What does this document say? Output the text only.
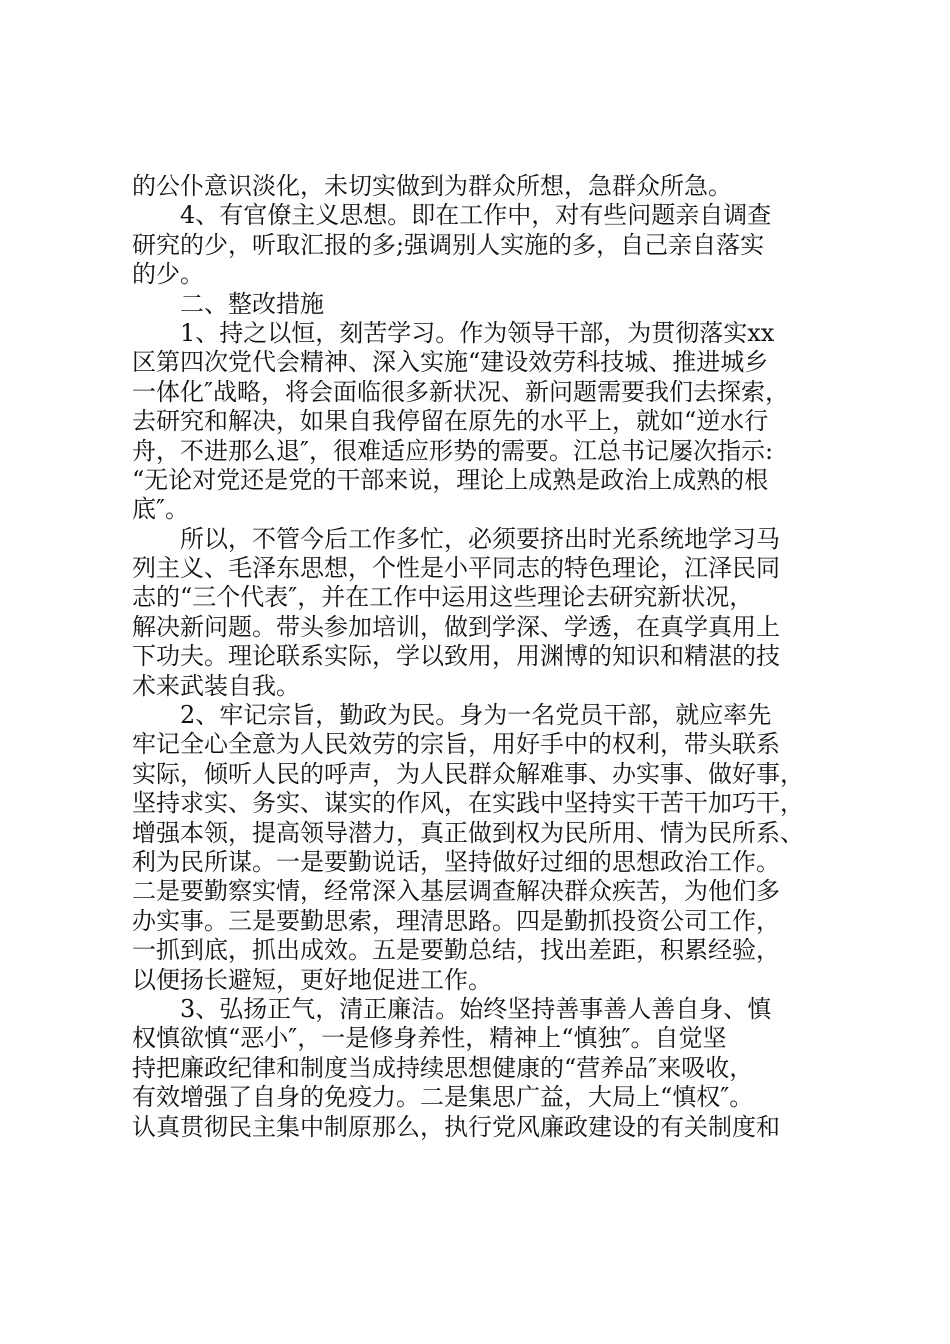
的公仆意识淡化，未切实做到为群众所想，急群众所急。
4、有官僚主义思想。即在工作中，对有些问题亲自调查
研究的少，听取汇报的多;强调别人实施的多，自己亲自落实
的少。
二、整改措施
1、持之以恒，刻苦学习。作为领导干部，为贯彻落实xx
区第四次党代会精神、深入实施“建设效劳科技城、推进城乡
一体化″战略，将会面临很多新状况、新问题需要我们去探索，
去研究和解决，如果自我停留在原先的水平上，就如“逆水行
舟，不进那么退″，很难适应形势的需要。江总书记屡次指示:
“无论对党还是党的干部来说，理论上成熟是政治上成熟的根
底″。
所以，不管今后工作多忙，必须要挤出时光系统地学习马
列主义、毛泽东思想，个性是小平同志的特色理论，江泽民同
志的“三个代表″，并在工作中运用这些理论去研究新状况，
解决新问题。带头参加培训，做到学深、学透，在真学真用上
下功夫。理论联系实际，学以致用，用渊博的知识和精湛的技
术来武装自我。
2、牢记宗旨，勤政为民。身为一名党员干部，就应率先
牢记全心全意为人民效劳的宗旨，用好手中的权利，带头联系
实际，倾听人民的呼声，为人民群众解难事、办实事、做好事，
坚持求实、务实、谋实的作风，在实践中坚持实干苦干加巧干，
增强本领，提高领导潜力，真正做到权为民所用、情为民所系、
利为民所谋。一是要勤说话，坚持做好过细的思想政治工作。
二是要勤察实情，经常深入基层调查解决群众疾苦，为他们多
办实事。三是要勤思索，理清思路。四是勤抓投资公司工作，
一抓到底，抓出成效。五是要勤总结，找出差距，积累经验，
以便扬长避短，更好地促进工作。
3、弘扬正气，清正廉洁。始终坚持善事善人善自身、慎
权慎欲慎“恶小″，一是修身养性，精神上“慎独″。自觉坚
持把廉政纪律和制度当成持续思想健康的“营养品″来吸收，
有效增强了自身的免疫力。二是集思广益，大局上“慎权″。
认真贯彻民主集中制原那么，执行党风廉政建设的有关制度和
